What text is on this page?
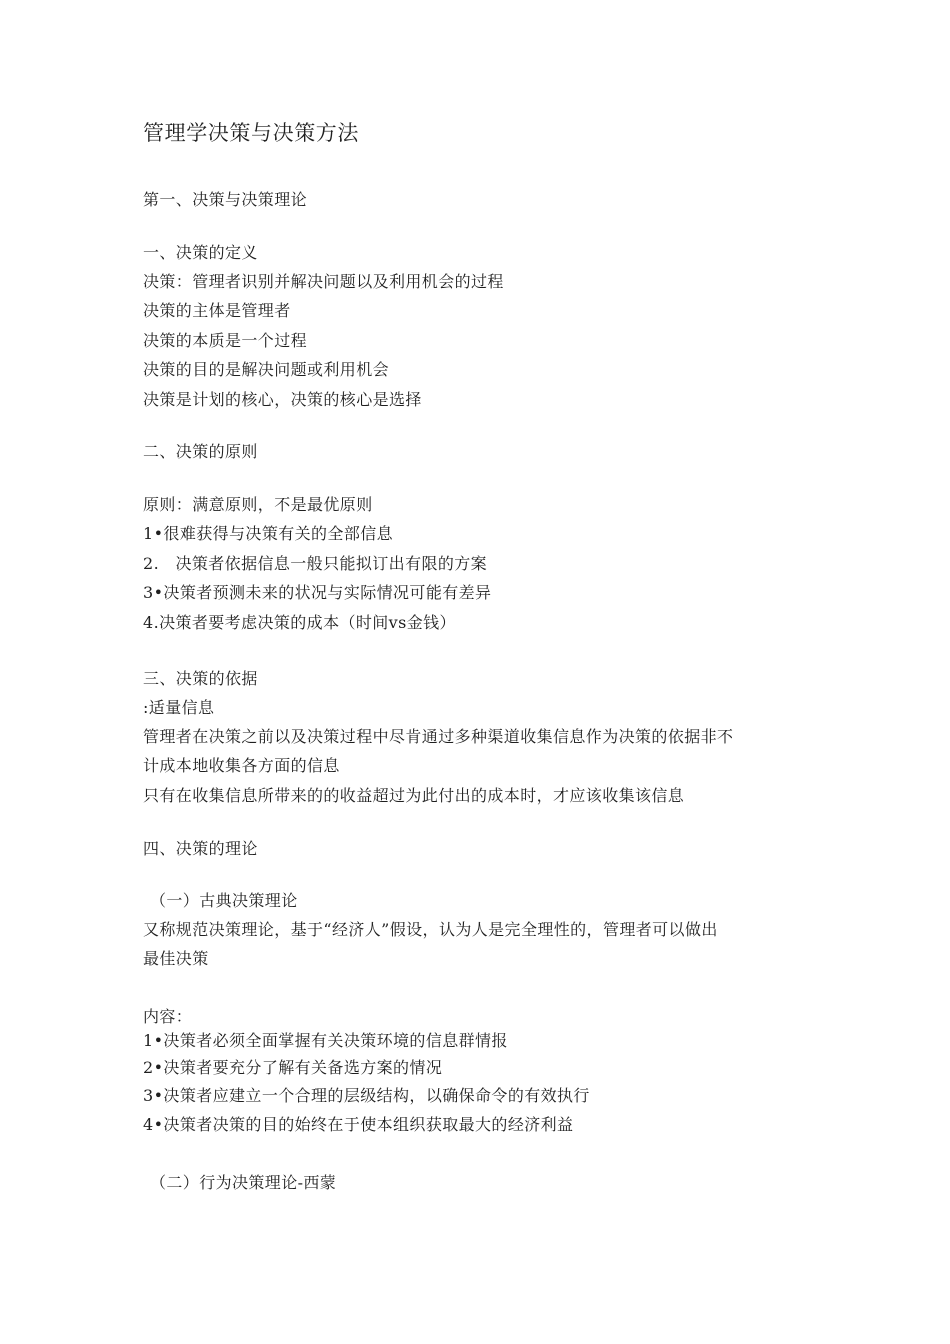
管理学决策与决策方法

第一、决策与决策理论

一、决策的定义

决策：管理者识别并解决问题以及利用机会的过程

决策的主体是管理者

决策的本质是一个过程

决策的目的是解决问题或利用机会

决策是计划的核心，决策的核心是选择

二、决策的原则

原则：满意原则，不是最优原则

1•很难获得与决策有关的全部信息

2.　决策者依据信息一般只能拟订出有限的方案

3•决策者预测未来的状况与实际情况可能有差异

4.决策者要考虑决策的成本（时间vs金钱）

三、决策的依据

:适量信息

管理者在决策之前以及决策过程中尽肯通过多种渠道收集信息作为决策的依据非不

计成本地收集各方面的信息

只有在收集信息所带来的的收益超过为此付出的成本时，才应该收集该信息

四、决策的理论

（一）古典决策理论

又称规范决策理论，基于“经济人”假设，认为人是完全理性的，管理者可以做出

最佳决策

内容：

1•决策者必须全面掌握有关决策环境的信息群情报

2•决策者要充分了解有关备选方案的情况

3•决策者应建立一个合理的层级结构，以确保命令的有效执行

4•决策者决策的目的始终在于使本组织获取最大的经济利益

（二）行为决策理论-西蒙
